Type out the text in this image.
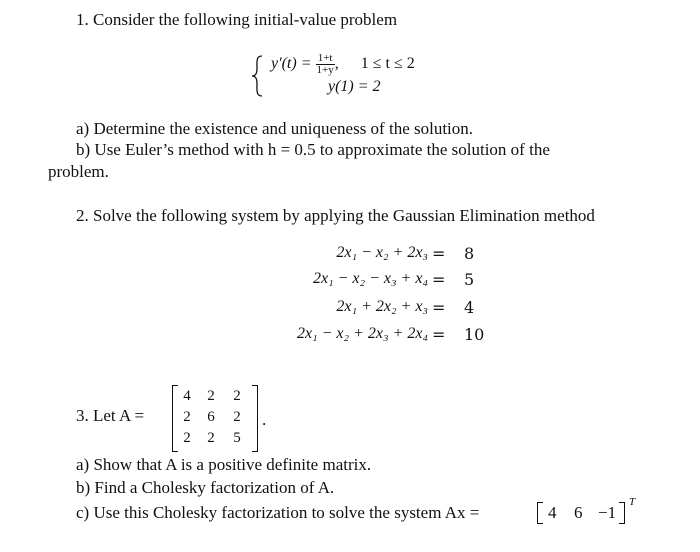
1. Consider the following initial-value problem
$y'(t) = \frac{1+t}{1+y}$ , 1 ≤ t ≤ 2
y(1) = 2
a) Determine the existence and uniqueness of the solution.
b) Use Euler’s method with h = 0.5 to approximate the solution of the
problem.
2. Solve the following system by applying the Gaussian Elimination method
2x₁ − x₂ + 2x₃ = 8
2x₁ − x₂ − x₃ + x₄ = 5
2x₁ + 2x₂ + x₃ = 4
2x₁ − x₂ + 2x₃ + 2x₄ = 10
3. Let A =
4 2 2
2 6 2
2 2 5
.
a) Show that A is a positive definite matrix.
b) Find a Cholesky factorization of A.
c) Use this Cholesky factorization to solve the system Ax =	4 6 −1
T
